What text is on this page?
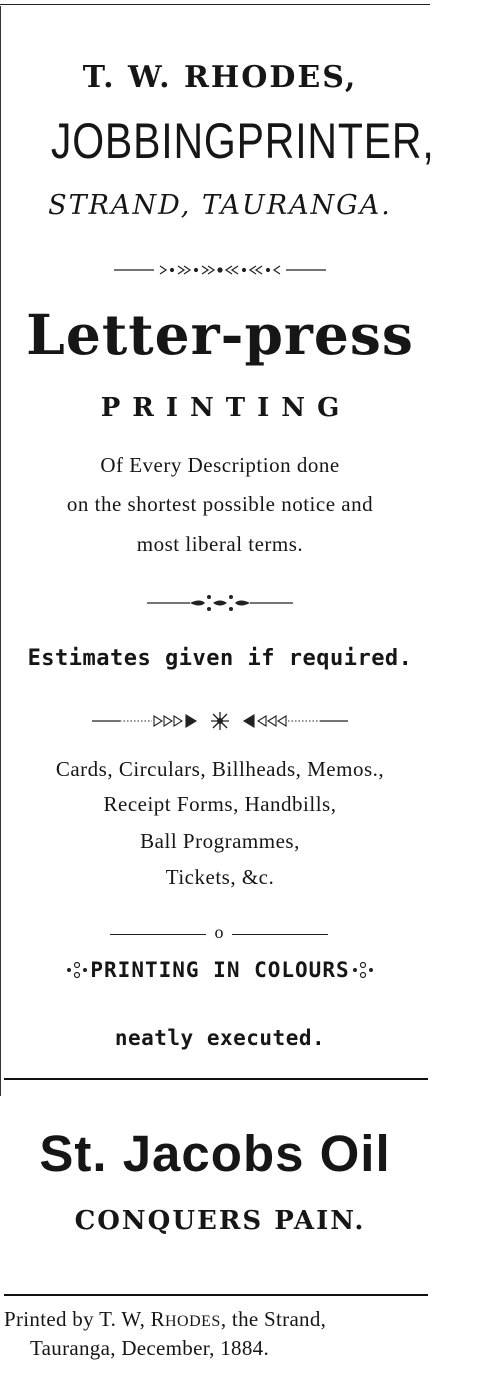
T. W. RHODES,
JOBBING PRINTER,
STRAND, TAURANGA.
Letter-press
PRINTING
Of Every Description done
on the shortest possible notice and
most liberal terms.
Estimates given if required.
Cards, Circulars, Billheads, Memos.,
Receipt Forms, Handbills,
Ball Programmes,
Tickets, &c.
o
PRINTING IN COLOURS
neatly executed.
St. Jacobs Oil
CONQUERS PAIN.
Printed by T. W, RHODES, the Strand,
Tauranga, December, 1884.
